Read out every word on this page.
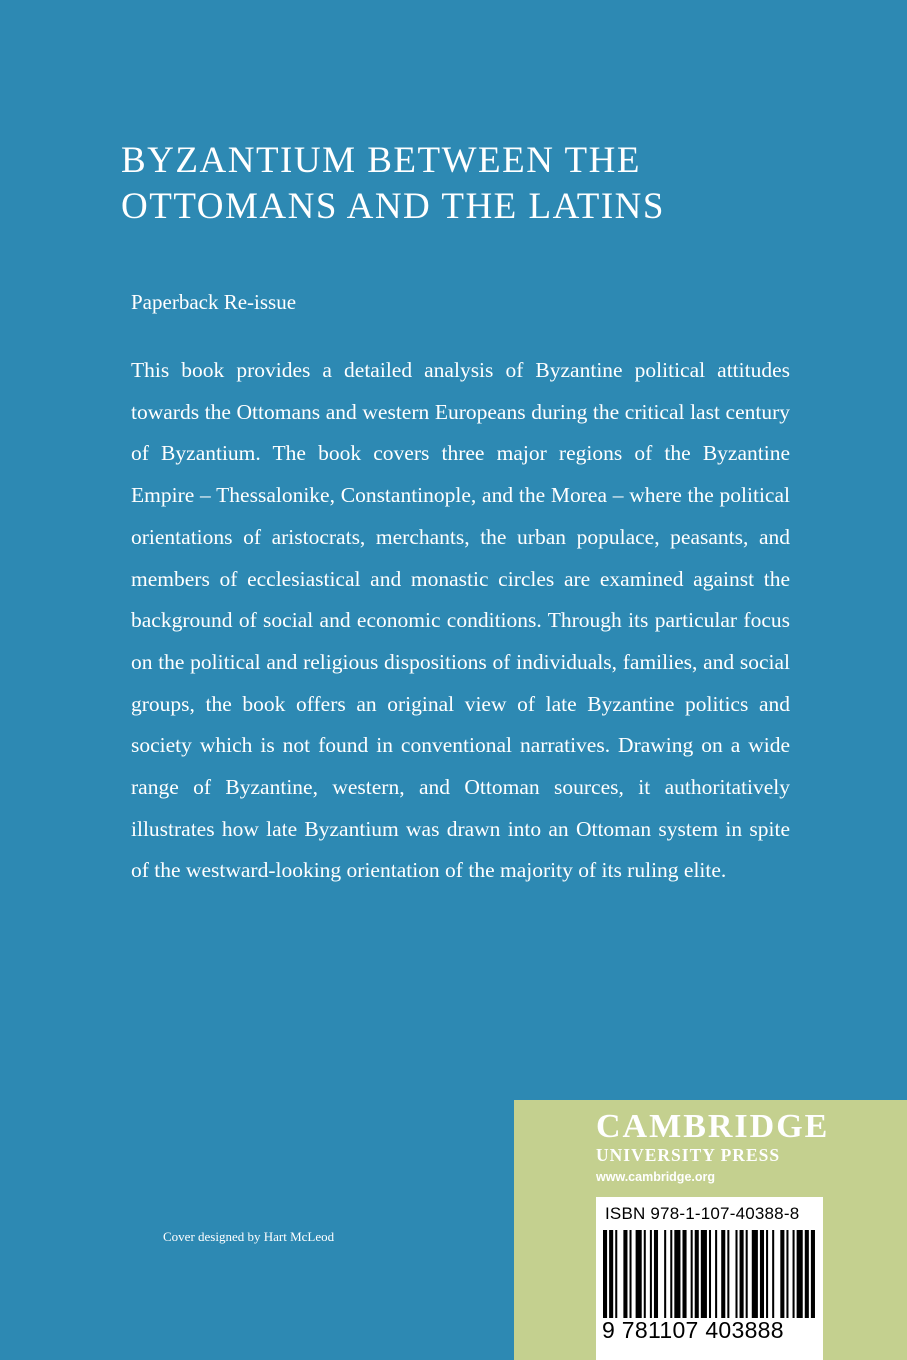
BYZANTIUM BETWEEN THE
OTTOMANS AND THE LATINS

Paperback Re-issue

This book provides a detailed analysis of Byzantine political attitudes towards the Ottomans and western Europeans during the critical last century of Byzantium. The book covers three major regions of the Byzantine Empire – Thessalonike, Constantinople, and the Morea – where the political orientations of aristocrats, merchants, the urban populace, peasants, and members of ecclesiastical and monastic circles are examined against the background of social and economic conditions. Through its particular focus on the political and religious dispositions of individuals, families, and social groups, the book offers an original view of late Byzantine politics and society which is not found in conventional narratives. Drawing on a wide range of Byzantine, western, and Ottoman sources, it authoritatively illustrates how late Byzantium was drawn into an Ottoman system in spite of the westward-looking orientation of the majority of its ruling elite.

Cover designed by Hart McLeod

CAMBRIDGE
UNIVERSITY PRESS
www.cambridge.org
ISBN 978-1-107-40388-8
9 781107 403888
